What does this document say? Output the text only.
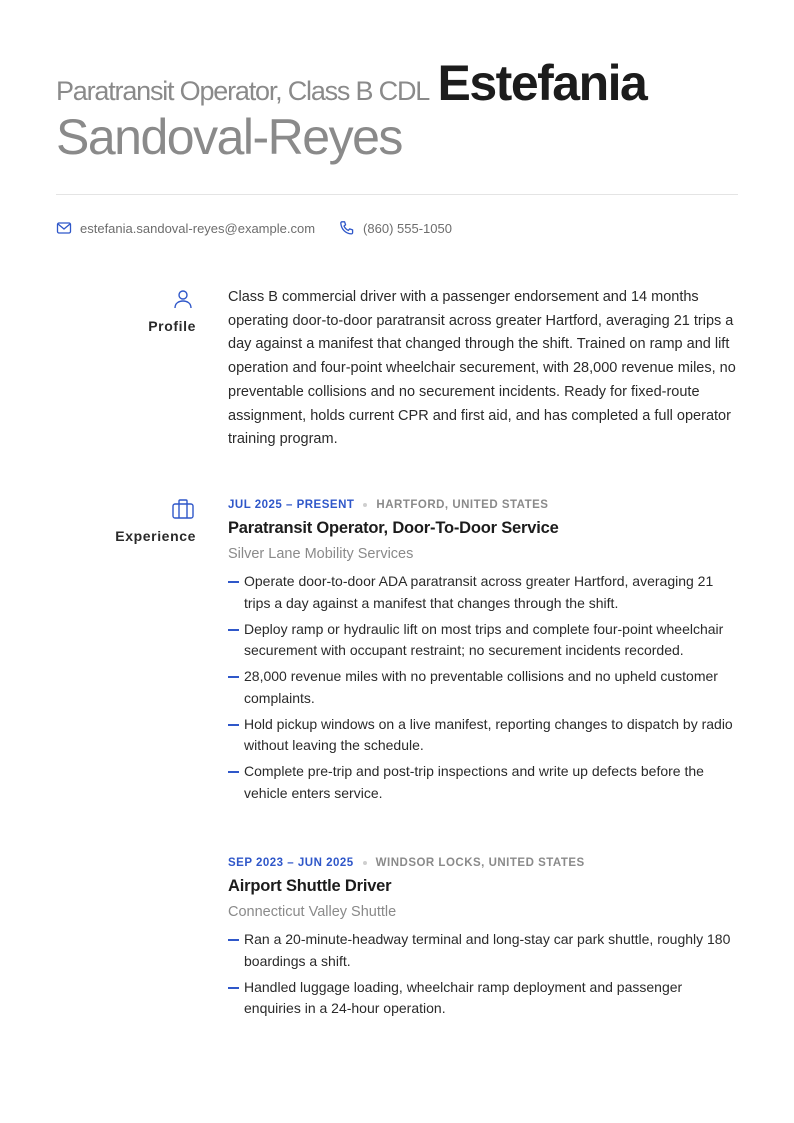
Paratransit Operator, Class B CDL Estefania
Sandoval-Reyes
estefania.sandoval-reyes@example.com	(860) 555-1050
Profile
Class B commercial driver with a passenger endorsement and 14 months operating door-to-door paratransit across greater Hartford, averaging 21 trips a day against a manifest that changed through the shift. Trained on ramp and lift operation and four-point wheelchair securement, with 28,000 revenue miles, no preventable collisions and no securement incidents. Ready for fixed-route assignment, holds current CPR and first aid, and has completed a full operator training program.
Experience
JUL 2025 – PRESENT HARTFORD, UNITED STATES
Paratransit Operator, Door-To-Door Service
Silver Lane Mobility Services
Operate door-to-door ADA paratransit across greater Hartford, averaging 21 trips a day against a manifest that changes through the shift.
Deploy ramp or hydraulic lift on most trips and complete four-point wheelchair securement with occupant restraint; no securement incidents recorded.
28,000 revenue miles with no preventable collisions and no upheld customer complaints.
Hold pickup windows on a live manifest, reporting changes to dispatch by radio without leaving the schedule.
Complete pre-trip and post-trip inspections and write up defects before the vehicle enters service.
SEP 2023 – JUN 2025 WINDSOR LOCKS, UNITED STATES
Airport Shuttle Driver
Connecticut Valley Shuttle
Ran a 20-minute-headway terminal and long-stay car park shuttle, roughly 180 boardings a shift.
Handled luggage loading, wheelchair ramp deployment and passenger enquiries in a 24-hour operation.
